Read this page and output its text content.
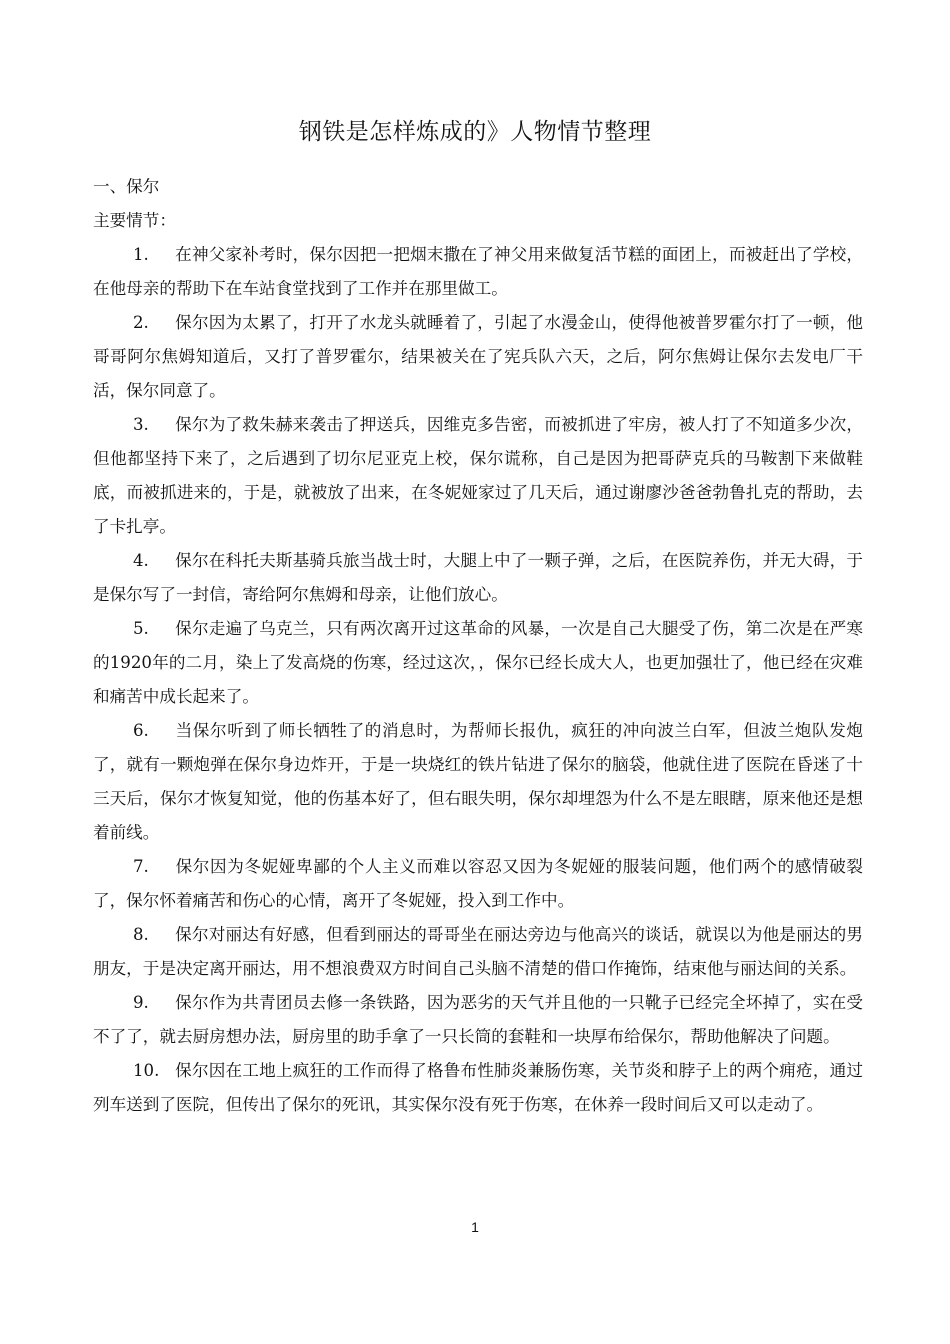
钢铁是怎样炼成的》人物情节整理

一、保尔

主要情节：

1. 在神父家补考时，保尔因把一把烟末撒在了神父用来做复活节糕的面团上，而被赶出了学校，在他母亲的帮助下在车站食堂找到了工作并在那里做工。

2. 保尔因为太累了，打开了水龙头就睡着了，引起了水漫金山，使得他被普罗霍尔打了一顿，他哥哥阿尔焦姆知道后，又打了普罗霍尔，结果被关在了宪兵队六天，之后，阿尔焦姆让保尔去发电厂干活，保尔同意了。

3. 保尔为了救朱赫来袭击了押送兵，因维克多告密，而被抓进了牢房，被人打了不知道多少次，但他都坚持下来了，之后遇到了切尔尼亚克上校，保尔谎称，自己是因为把哥萨克兵的马鞍割下来做鞋底，而被抓进来的，于是，就被放了出来，在冬妮娅家过了几天后，通过谢廖沙爸爸勃鲁扎克的帮助，去了卡扎亭。

4. 保尔在科托夫斯基骑兵旅当战士时，大腿上中了一颗子弹，之后，在医院养伤，并无大碍，于是保尔写了一封信，寄给阿尔焦姆和母亲，让他们放心。

5. 保尔走遍了乌克兰，只有两次离开过这革命的风暴，一次是自己大腿受了伤，第二次是在严寒的1920年的二月，染上了发高烧的伤寒，经过这次，，保尔已经长成大人，也更加强壮了，他已经在灾难和痛苦中成长起来了。

6. 当保尔听到了师长牺牲了的消息时，为帮师长报仇，疯狂的冲向波兰白军，但波兰炮队发炮了，就有一颗炮弹在保尔身边炸开，于是一块烧红的铁片钻进了保尔的脑袋，他就住进了医院在昏迷了十三天后，保尔才恢复知觉，他的伤基本好了，但右眼失明，保尔却埋怨为什么不是左眼瞎，原来他还是想着前线。

7. 保尔因为冬妮娅卑鄙的个人主义而难以容忍又因为冬妮娅的服装问题，他们两个的感情破裂了，保尔怀着痛苦和伤心的心情，离开了冬妮娅，投入到工作中。

8. 保尔对丽达有好感，但看到丽达的哥哥坐在丽达旁边与他高兴的谈话，就误以为他是丽达的男朋友，于是决定离开丽达，用不想浪费双方时间自己头脑不清楚的借口作掩饰，结束他与丽达间的关系。

9. 保尔作为共青团员去修一条铁路，因为恶劣的天气并且他的一只靴子已经完全坏掉了，实在受不了了，就去厨房想办法，厨房里的助手拿了一只长筒的套鞋和一块厚布给保尔，帮助他解决了问题。

10. 保尔因在工地上疯狂的工作而得了格鲁布性肺炎兼肠伤寒，关节炎和脖子上的两个痈疮，通过列车送到了医院，但传出了保尔的死讯，其实保尔没有死于伤寒，在休养一段时间后又可以走动了。

1
